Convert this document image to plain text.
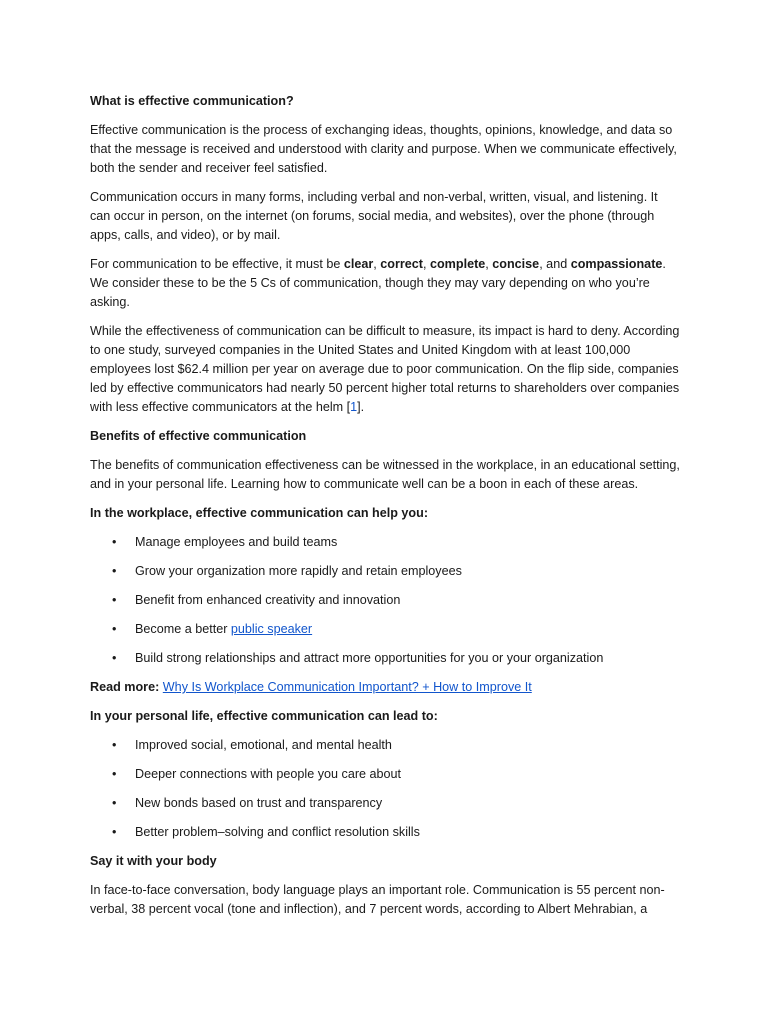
What is effective communication?

Effective communication is the process of exchanging ideas, thoughts, opinions, knowledge, and data so that the message is received and understood with clarity and purpose. When we communicate effectively, both the sender and receiver feel satisfied.

Communication occurs in many forms, including verbal and non-verbal, written, visual, and listening. It can occur in person, on the internet (on forums, social media, and websites), over the phone (through apps, calls, and video), or by mail.

For communication to be effective, it must be clear, correct, complete, concise, and compassionate. We consider these to be the 5 Cs of communication, though they may vary depending on who you’re asking.

While the effectiveness of communication can be difficult to measure, its impact is hard to deny. According to one study, surveyed companies in the United States and United Kingdom with at least 100,000 employees lost $62.4 million per year on average due to poor communication. On the flip side, companies led by effective communicators had nearly 50 percent higher total returns to shareholders over companies with less effective communicators at the helm [1].

Benefits of effective communication

The benefits of communication effectiveness can be witnessed in the workplace, in an educational setting, and in your personal life. Learning how to communicate well can be a boon in each of these areas.

In the workplace, effective communication can help you:

• Manage employees and build teams
• Grow your organization more rapidly and retain employees
• Benefit from enhanced creativity and innovation
• Become a better public speaker
• Build strong relationships and attract more opportunities for you or your organization

Read more: Why Is Workplace Communication Important? + How to Improve It

In your personal life, effective communication can lead to:

• Improved social, emotional, and mental health
• Deeper connections with people you care about
• New bonds based on trust and transparency
• Better problem–solving and conflict resolution skills

Say it with your body

In face-to-face conversation, body language plays an important role. Communication is 55 percent non-verbal, 38 percent vocal (tone and inflection), and 7 percent words, according to Albert Mehrabian, a
